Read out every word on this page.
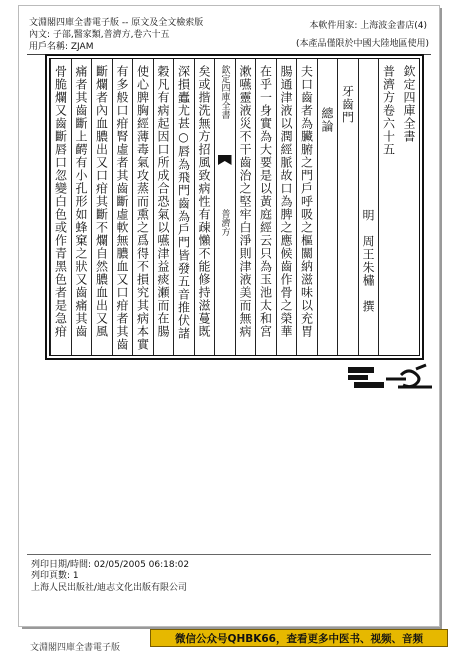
文淵閣四庫全書電子版 -- 原文及全文檢索版
內文: 子部,醫家類,普濟方,卷六十五
用戶名稱: ZJAM
本軟件用家: 上海波金書店(4)
(本產品僅限於中國大陸地區使用)
欽定四庫全書
普濟方卷六十五
明　周王朱橚　撰
牙齒門
總論
夫口齒者為臟腑之門戶呼吸之樞關納滋味以充胃
腸通津液以潤經脈故口為脾之應候齒作骨之榮華
在乎一身實為大要是以黃庭經云只為玉池太和宮
漱嚥靈液災不干齒治之堅牢白淨則津液美而無病
欽定四庫全書
普濟方
矣或揩洗無方招風致病性有疎懶不能修持滋蔓既
深損蠹尤甚○唇為飛門齒為戶門皆發五音推伏諸
穀凡有病起因口所成合恐氣以嚥津益痰瀬而在腸
使心脾胸經薄毒氣攻蒸而熏之爲得不損究其病本實
有多般口疳腎虛者其齒斷虛軟無膿血又口疳者其齒
斷爛者內血膿出又口疳其斷不爛自然膿血出又風
痛者其齒斷上齶有小孔形如蜂窠之狀又齒痛其齒
骨脆爛又齒斷唇口忽變白色或作青黑色者是急疳
列印日期/時間: 02/05/2005 06:18:02
列印頁數: 1
上海人民出版社/迪志文化出版有限公司
文淵閣四庫全書電子版
微信公众号QHBK66，查看更多中医书、视频、音频
